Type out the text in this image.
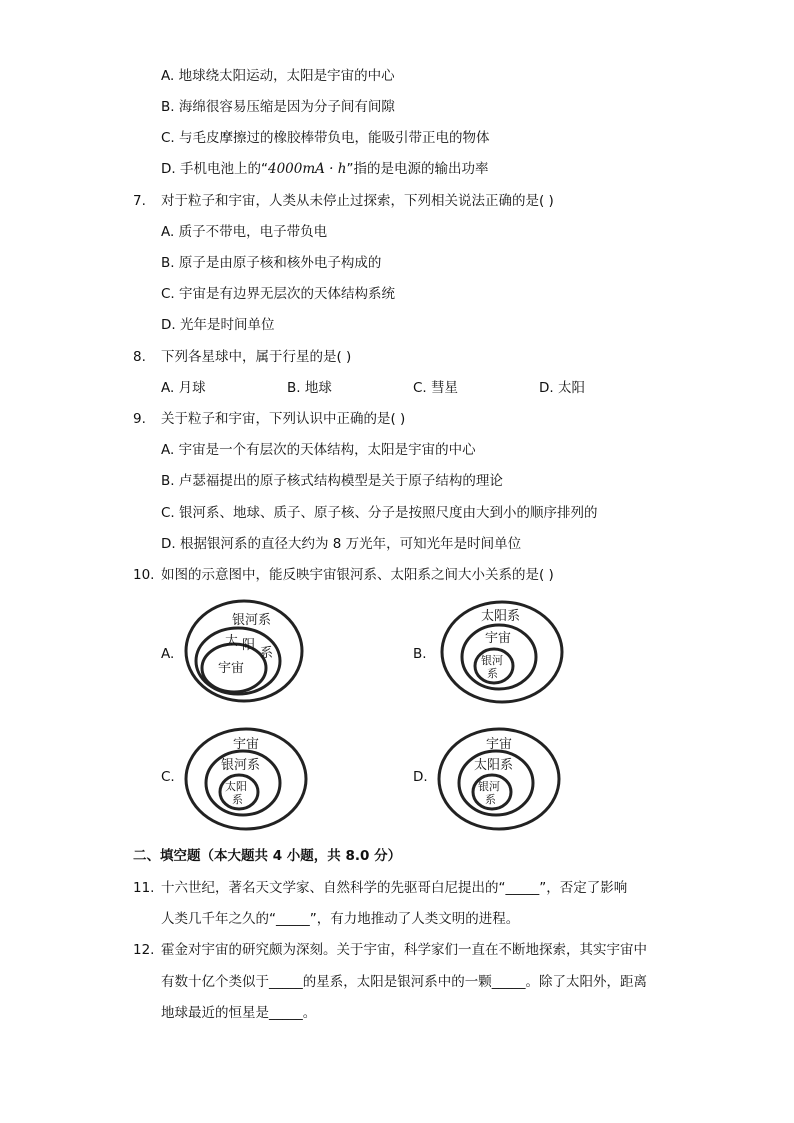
A. 地球绕太阳运动，太阳是宇宙的中心
B. 海绵很容易压缩是因为分子间有间隙
C. 与毛皮摩擦过的橡胶棒带负电，能吸引带正电的物体
D. 手机电池上的“4000mA · h”指的是电源的输出功率
7. 对于粒子和宇宙，人类从未停止过探索，下列相关说法正确的是( )
A. 质子不带电，电子带负电
B. 原子是由原子核和核外电子构成的
C. 宇宙是有边界无层次的天体结构系统
D. 光年是时间单位
8. 下列各星球中，属于行星的是( )
A. 月球	B. 地球	C. 彗星	D. 太阳
9. 关于粒子和宇宙，下列认识中正确的是( )
A. 宇宙是一个有层次的天体结构，太阳是宇宙的中心
B. 卢瑟福提出的原子核式结构模型是关于原子结构的理论
C. 银河系、地球、质子、原子核、分子是按照尺度由大到小的顺序排列的
D. 根据银河系的直径大约为 8 万光年，可知光年是时间单位
10. 如图的示意图中，能反映宇宙银河系、太阳系之间大小关系的是( )
A.
银河系
太 阳
系
宇宙
B.
太阳系
宇宙
银河
系
C.
宇宙
银河系
太阳
系
D.
宇宙
太阳系
银河
系
二、填空题（本大题共 4 小题，共 8.0 分）
11. 十六世纪，著名天文学家、自然科学的先驱哥白尼提出的“_____”，否定了影响
人类几千年之久的“_____”，有力地推动了人类文明的进程。
12. 霍金对宇宙的研究颇为深刻。关于宇宙，科学家们一直在不断地探索，其实宇宙中
有数十亿个类似于_____的星系，太阳是银河系中的一颗_____。除了太阳外，距离
地球最近的恒星是_____。
